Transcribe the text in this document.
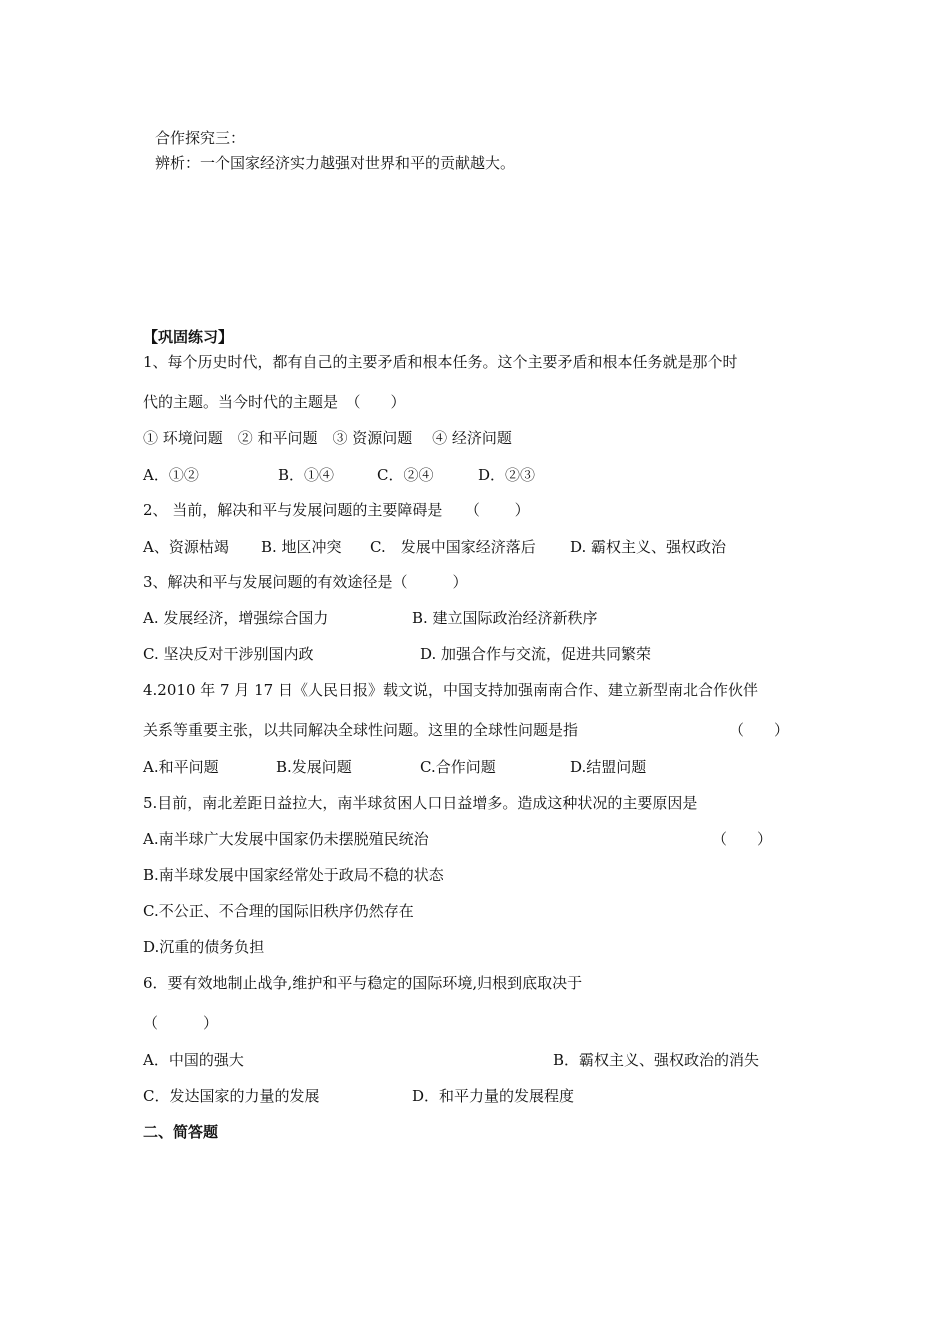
合作探究三：
辨析：一个国家经济实力越强对世界和平的贡献越大。
【巩固练习】
1、每个历史时代，都有自己的主要矛盾和根本任务。这个主要矛盾和根本任务就是那个时
代的主题。当今时代的主题是　（　　）
① 环境问题　② 和平问题　③ 资源问题　 ④ 经济问题
A．①②	B．①④	C．②④	D．②③
2、 当前，解决和平与发展问题的主要障碍是　　（　　 ）
A、资源枯竭 B. 地区冲突 C.　发展中国家经济落后 D. 霸权主义、强权政治
3、解决和平与发展问题的有效途径是（　　　）
A. 发展经济，增强综合国力	B. 建立国际政治经济新秩序
C. 坚决反对干涉别国内政	D. 加强合作与交流，促进共同繁荣
4.2010 年 7 月 17 日《人民日报》载文说，中国支持加强南南合作、建立新型南北合作伙伴
关系等重要主张，以共同解决全球性问题。这里的全球性问题是指	（　　）
A.和平问题	B.发展问题	C.合作问题	D.结盟问题
5.目前，南北差距日益拉大，南半球贫困人口日益增多。造成这种状况的主要原因是
A.南半球广大发展中国家仍未摆脱殖民统治	（　　）
B.南半球发展中国家经常处于政局不稳的状态
C.不公正、不合理的国际旧秩序仍然存在
D.沉重的债务负担
6．要有效地制止战争,维护和平与稳定的国际环境,归根到底取决于
（　　　）
A．中国的强大	B．霸权主义、强权政治的消失
C．发达国家的力量的发展	D．和平力量的发展程度
二、简答题
